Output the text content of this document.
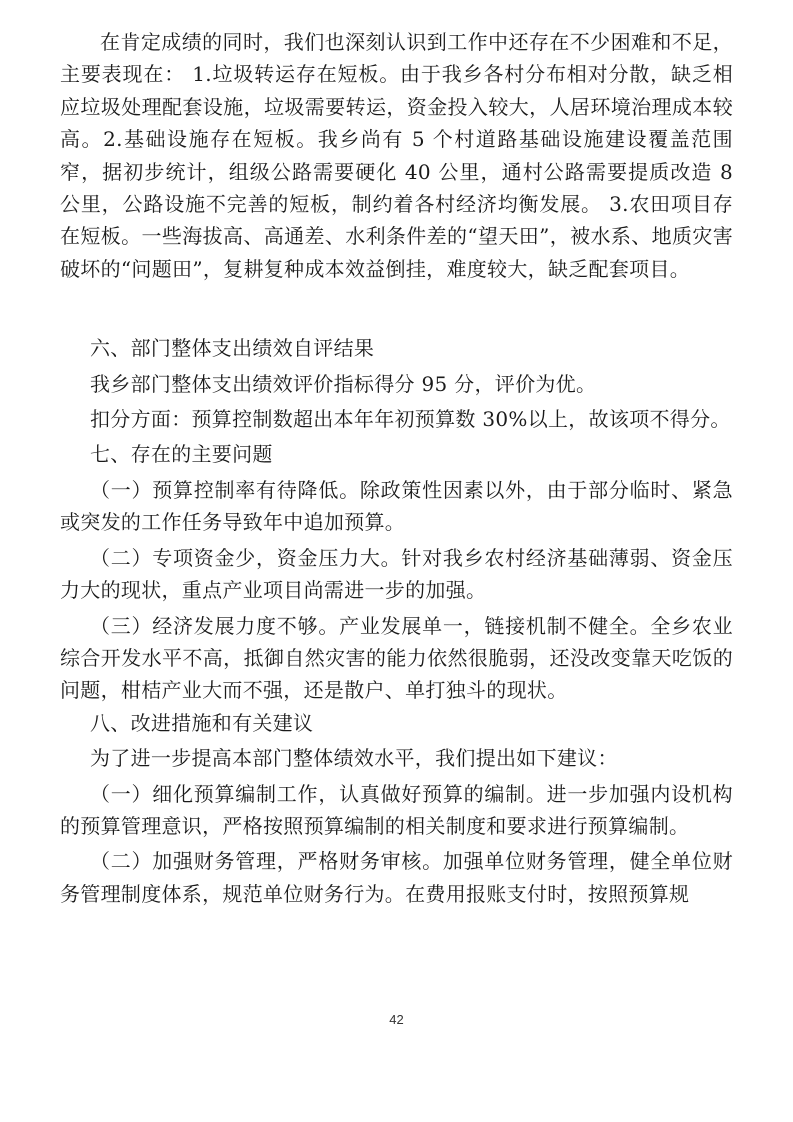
在肯定成绩的同时，我们也深刻认识到工作中还存在不少困难和不足，主要表现在： 1.垃圾转运存在短板。由于我乡各村分布相对分散，缺乏相应垃圾处理配套设施，垃圾需要转运，资金投入较大，人居环境治理成本较高。2.基础设施存在短板。我乡尚有 5 个村道路基础设施建设覆盖范围窄，据初步统计，组级公路需要硬化 40 公里，通村公路需要提质改造 8 公里，公路设施不完善的短板，制约着各村经济均衡发展。 3.农田项目存在短板。一些海拔高、高通差、水利条件差的“望天田”，被水系、地质灾害破坏的“问题田”，复耕复种成本效益倒挂，难度较大，缺乏配套项目。

六、部门整体支出绩效自评结果

我乡部门整体支出绩效评价指标得分 95 分，评价为优。

扣分方面：预算控制数超出本年年初预算数 30%以上，故该项不得分。

七、存在的主要问题

（一）预算控制率有待降低。除政策性因素以外，由于部分临时、紧急或突发的工作任务导致年中追加预算。

（二）专项资金少，资金压力大。针对我乡农村经济基础薄弱、资金压力大的现状，重点产业项目尚需进一步的加强。

（三）经济发展力度不够。产业发展单一，链接机制不健全。全乡农业综合开发水平不高，抵御自然灾害的能力依然很脆弱，还没改变靠天吃饭的问题，柑桔产业大而不强，还是散户、单打独斗的现状。

八、改进措施和有关建议

为了进一步提高本部门整体绩效水平，我们提出如下建议：

（一）细化预算编制工作，认真做好预算的编制。进一步加强内设机构的预算管理意识，严格按照预算编制的相关制度和要求进行预算编制。

（二）加强财务管理，严格财务审核。加强单位财务管理，健全单位财务管理制度体系，规范单位财务行为。在费用报账支付时，按照预算规

42
